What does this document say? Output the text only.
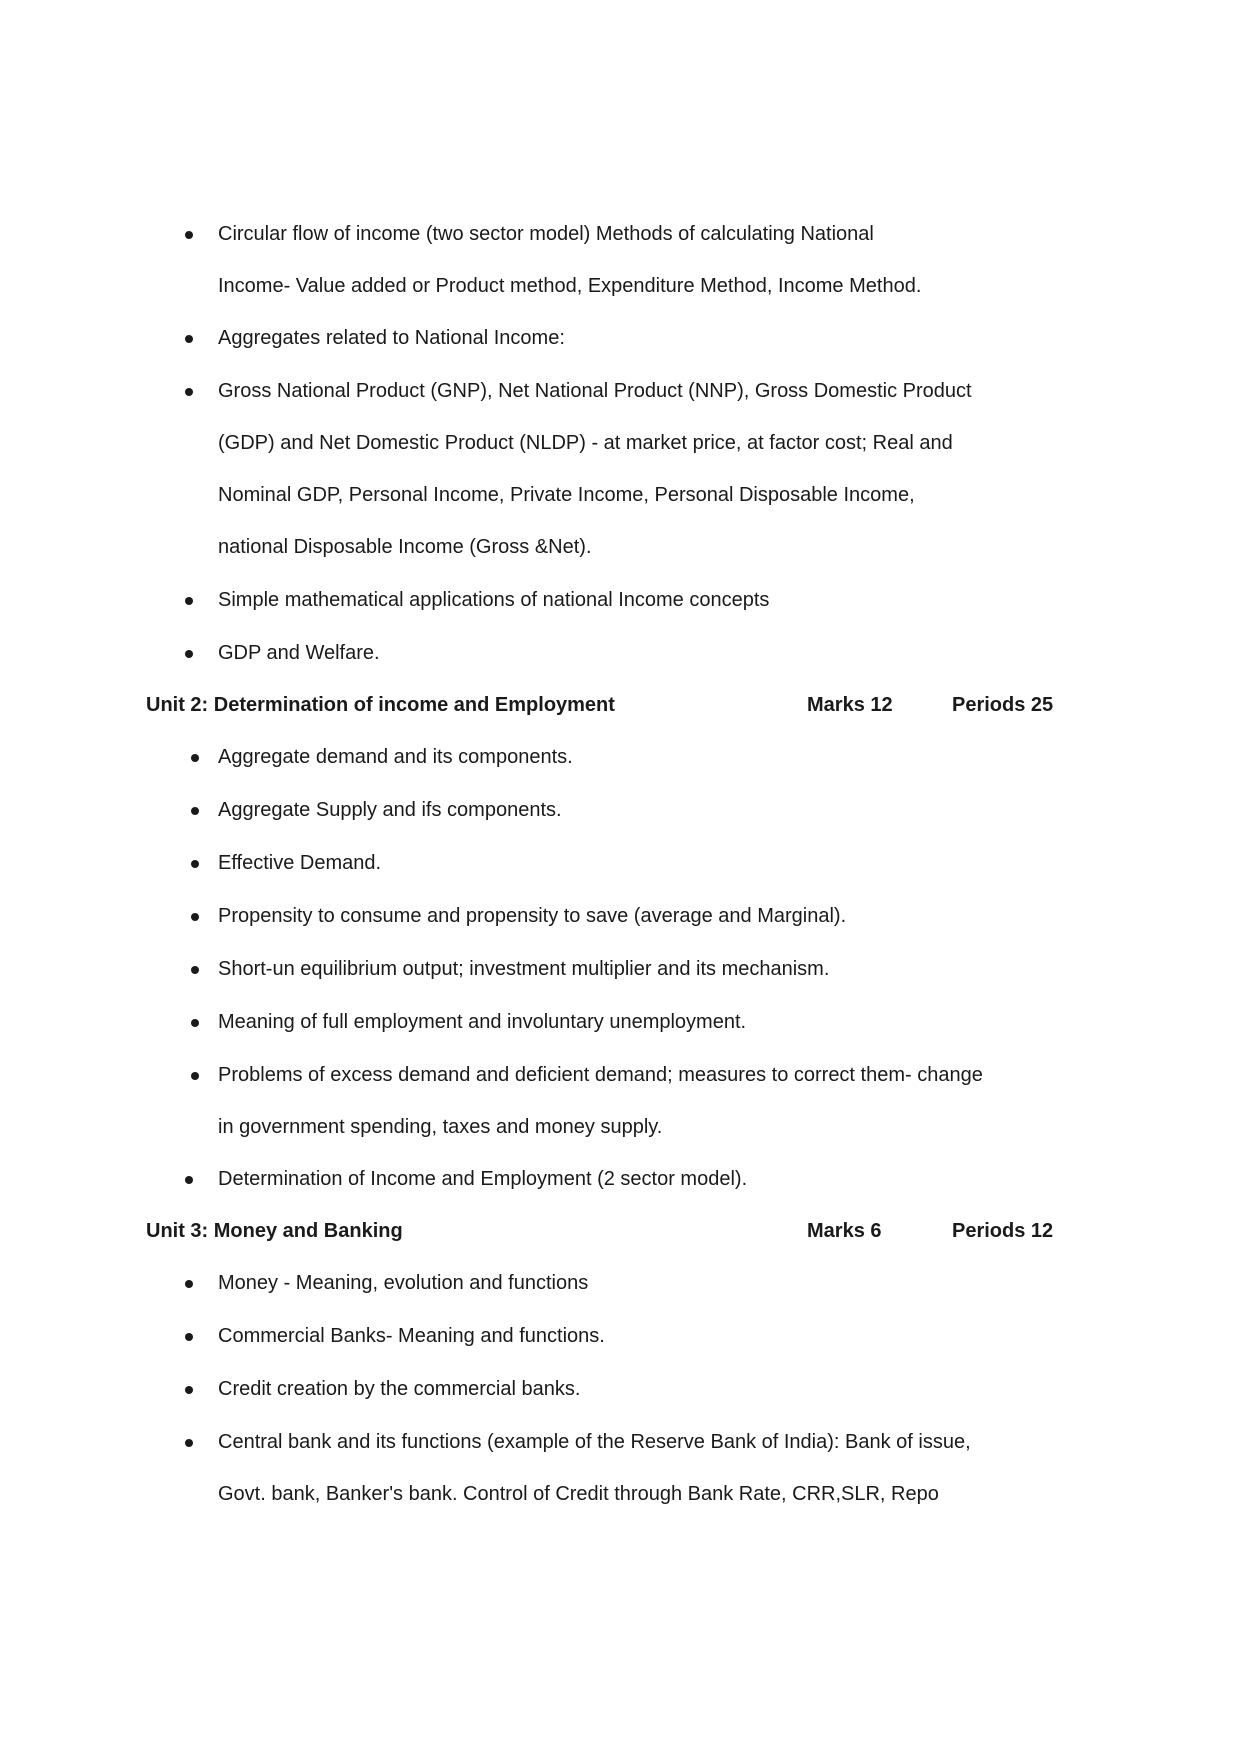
Circular flow of income (two sector model) Methods of calculating National
Income- Value added or Product method, Expenditure Method, Income Method.
Aggregates related to National Income:
Gross National Product (GNP), Net National Product (NNP), Gross Domestic Product
(GDP) and Net Domestic Product (NLDP) - at market price, at factor cost; Real and
Nominal GDP, Personal Income, Private Income, Personal Disposable Income,
national Disposable Income (Gross &Net).
Simple mathematical applications of national Income concepts
GDP and Welfare.
Unit 2: Determination of income and Employment	Marks 12	Periods 25
Aggregate demand and its components.
Aggregate Supply and ifs components.
Effective Demand.
Propensity to consume and propensity to save (average and Marginal).
Short-un equilibrium output; investment multiplier and its mechanism.
Meaning of full employment and involuntary unemployment.
Problems of excess demand and deficient demand; measures to correct them- change
in government spending, taxes and money supply.
Determination of Income and Employment (2 sector model).
Unit 3: Money and Banking	Marks 6	Periods 12
Money - Meaning, evolution and functions
Commercial Banks- Meaning and functions.
Credit creation by the commercial banks.
Central bank and its functions (example of the Reserve Bank of India): Bank of issue,
Govt. bank, Banker's bank. Control of Credit through Bank Rate, CRR,SLR, Repo
